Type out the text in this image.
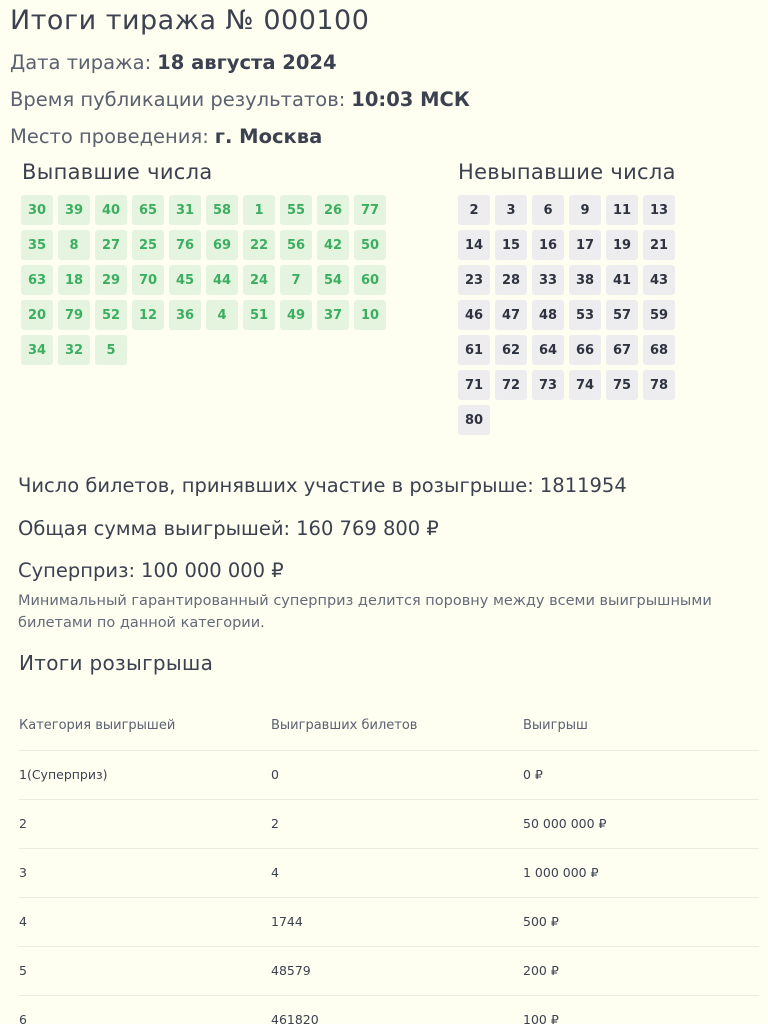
Итоги тиража № 000100
Дата тиража: 18 августа 2024
Время публикации результатов: 10:03 МСК
Место проведения: г. Москва
Выпавшие числа
30	39	40	65	31	58	1	55	26	77
35	8	27	25	76	69	22	56	42	50
63	18	29	70	45	44	24	7	54	60
20	79	52	12	36	4	51	49	37	10
34	32	5
Невыпавшие числа
2	3	6	9	11	13
14	15	16	17	19	21
23	28	33	38	41	43
46	47	48	53	57	59
61	62	64	66	67	68
71	72	73	74	75	78
80
Число билетов, принявших участие в розыгрыше: 1811954
Общая сумма выигрышей: 160 769 800 ₽
Суперприз: 100 000 000 ₽

Минимальный гарантированный суперприз делится поровну между всеми выигрышными билетами по данной категории.

Итоги розыгрыша
Категория выигрышей	Выигравших билетов	Выигрыш
1(Суперприз)	0	0 ₽
2	2	50 000 000 ₽
3	4	1 000 000 ₽
4	1744	500 ₽
5	48579	200 ₽
6	461820	100 ₽
